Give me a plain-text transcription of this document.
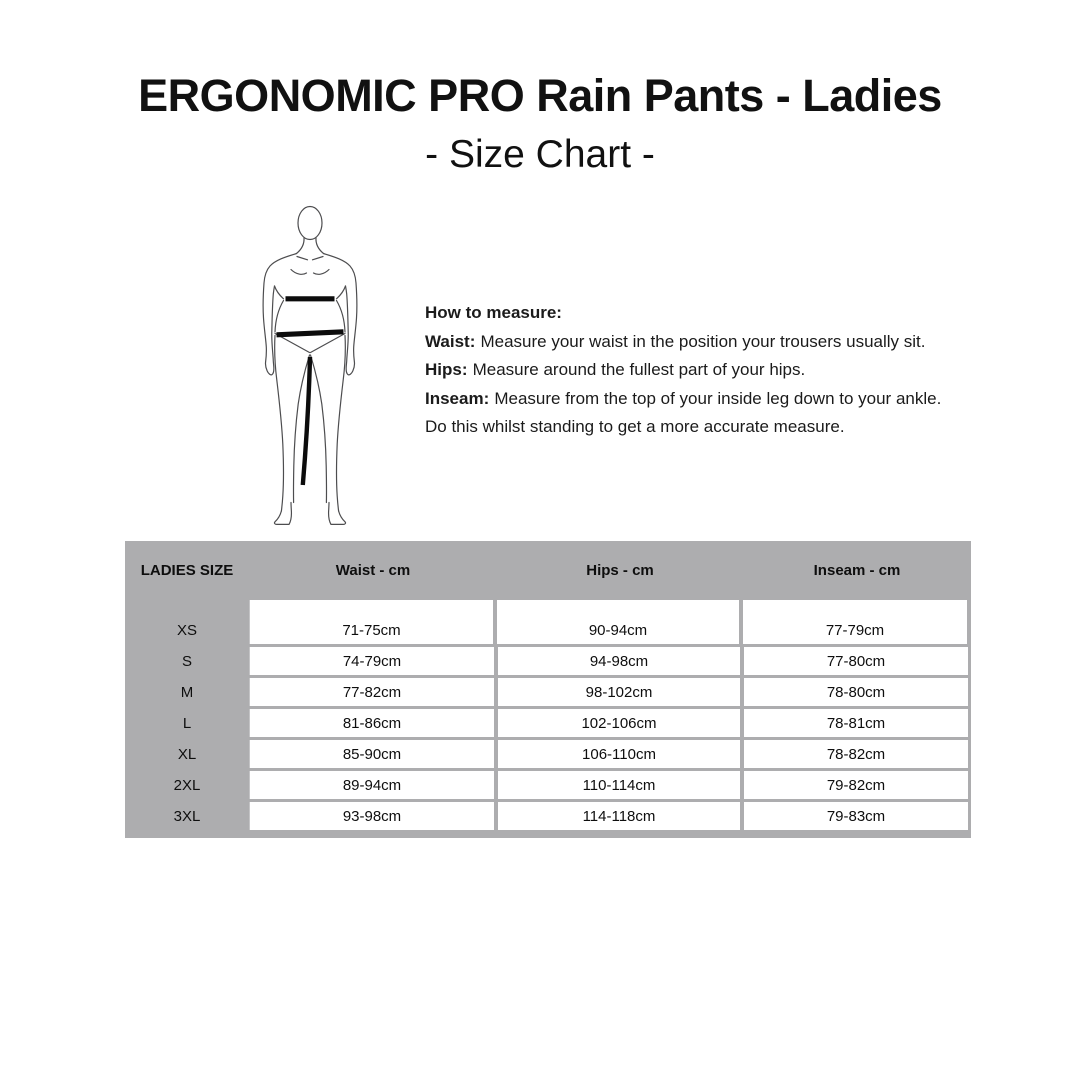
ERGONOMIC PRO Rain Pants - Ladies
- Size Chart -
How to measure:
Waist: Measure your waist in the position your trousers usually sit.
Hips: Measure around the fullest part of your hips.
Inseam: Measure from the top of your inside leg down to your ankle.
Do this whilst standing to get a more accurate measure.
LADIES SIZE	Waist - cm	Hips - cm	Inseam - cm
XS	71-75cm	90-94cm	77-79cm
S	74-79cm	94-98cm	77-80cm
M	77-82cm	98-102cm	78-80cm
L	81-86cm	102-106cm	78-81cm
XL	85-90cm	106-110cm	78-82cm
2XL	89-94cm	110-114cm	79-82cm
3XL	93-98cm	114-118cm	79-83cm
